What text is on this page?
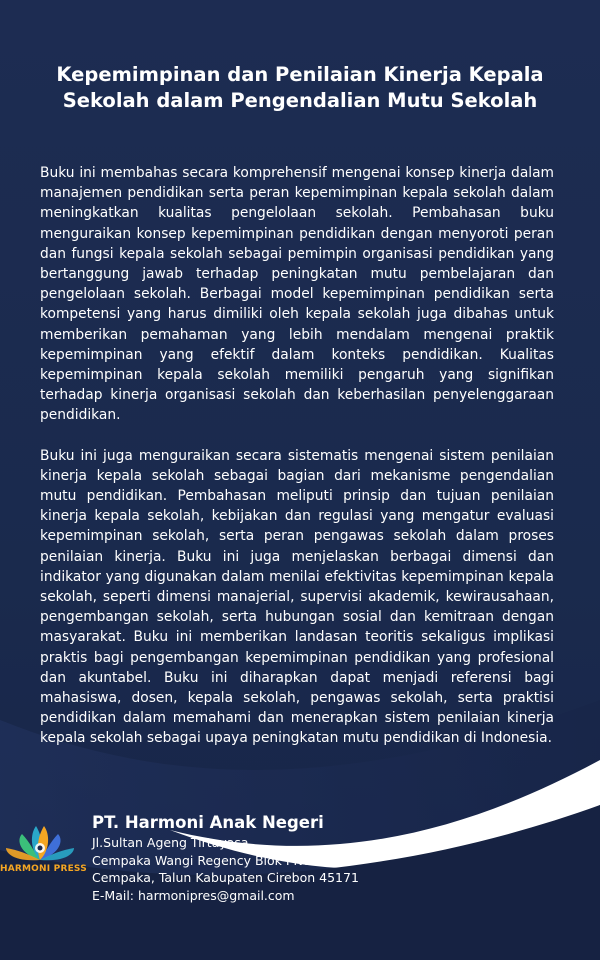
Kepemimpinan dan Penilaian Kinerja Kepala
Sekolah dalam Pengendalian Mutu Sekolah

Buku ini membahas secara komprehensif mengenai konsep kinerja dalam manajemen pendidikan serta peran kepemimpinan kepala sekolah dalam meningkatkan kualitas pengelolaan sekolah. Pembahasan buku menguraikan konsep kepemimpinan pendidikan dengan menyoroti peran dan fungsi kepala sekolah sebagai pemimpin organisasi pendidikan yang bertanggung jawab terhadap peningkatan mutu pembelajaran dan pengelolaan sekolah. Berbagai model kepemimpinan pendidikan serta kompetensi yang harus dimiliki oleh kepala sekolah juga dibahas untuk memberikan pemahaman yang lebih mendalam mengenai praktik kepemimpinan yang efektif dalam konteks pendidikan. Kualitas kepemimpinan kepala sekolah memiliki pengaruh yang signifikan terhadap kinerja organisasi sekolah dan keberhasilan penyelenggaraan pendidikan.

Buku ini juga menguraikan secara sistematis mengenai sistem penilaian kinerja kepala sekolah sebagai bagian dari mekanisme pengendalian mutu pendidikan. Pembahasan meliputi prinsip dan tujuan penilaian kinerja kepala sekolah, kebijakan dan regulasi yang mengatur evaluasi kepemimpinan sekolah, serta peran pengawas sekolah dalam proses penilaian kinerja. Buku ini juga menjelaskan berbagai dimensi dan indikator yang digunakan dalam menilai efektivitas kepemimpinan kepala sekolah, seperti dimensi manajerial, supervisi akademik, kewirausahaan, pengembangan sekolah, serta hubungan sosial dan kemitraan dengan masyarakat. Buku ini memberikan landasan teoritis sekaligus implikasi praktis bagi pengembangan kepemimpinan pendidikan yang profesional dan akuntabel. Buku ini diharapkan dapat menjadi referensi bagi mahasiswa, dosen, kepala sekolah, pengawas sekolah, serta praktisi pendidikan dalam memahami dan menerapkan sistem penilaian kinerja kepala sekolah sebagai upaya peningkatan mutu pendidikan di Indonesia.

HARMONI PRESS
PT. Harmoni Anak Negeri
Jl.Sultan Ageng Tirtayasa
Cempaka Wangi Regency Blok I No 14
Cempaka, Talun Kabupaten Cirebon 45171
E-Mail: harmonipres@gmail.com
